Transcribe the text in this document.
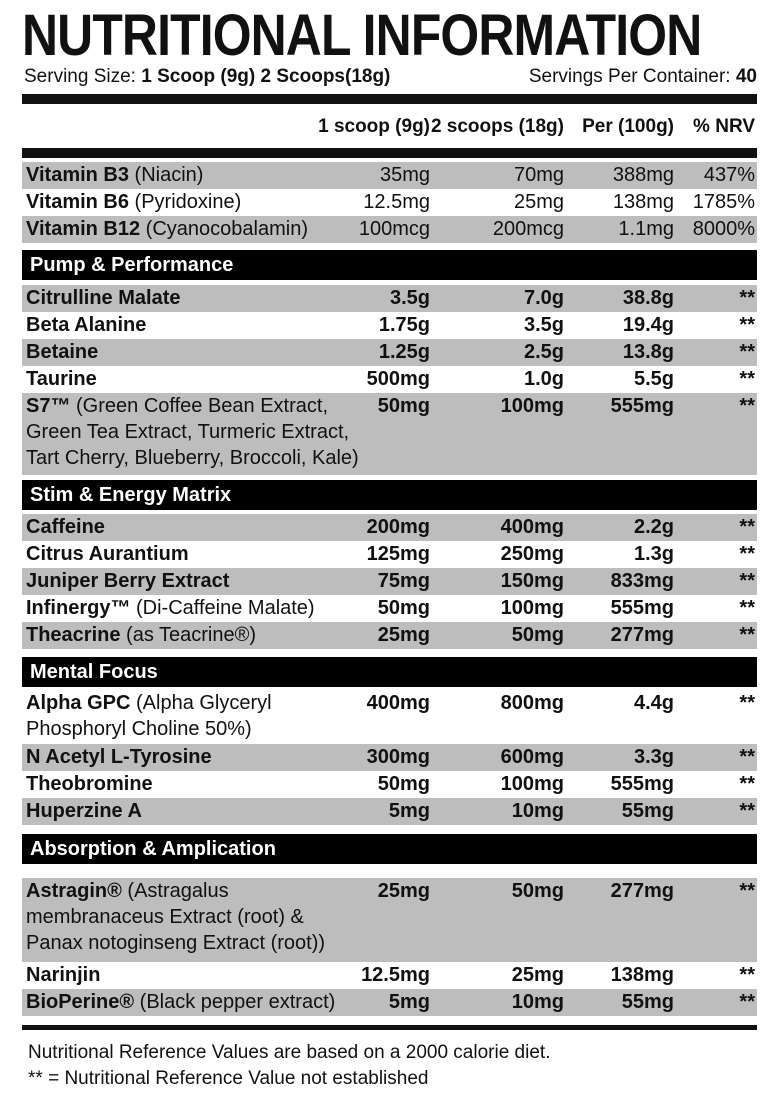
NUTRITIONAL INFORMATION
Serving Size: 1 Scoop (9g) 2 Scoops(18g)	Servings Per Container: 40
1 scoop (9g) 2 scoops (18g) Per (100g) % NRV
Vitamin B3 (Niacin)	35mg	70mg 388mg 437%
Vitamin B6 (Pyridoxine)	12.5mg	25mg 138mg 1785%
Vitamin B12 (Cyanocobalamin)	100mcg	200mcg	1.1mg 8000%
Pump & Performance
Citrulline Malate	3.5g	7.0g	38.8g	**
Beta Alanine	1.75g	3.5g	19.4g	**
Betaine	1.25g	2.5g	13.8g	**
Taurine	500mg	1.0g	5.5g	**
S7™ (Green Coffee Bean Extract,
Green Tea Extract, Turmeric Extract,
Tart Cherry, Blueberry, Broccoli, Kale)
50mg	100mg 555mg	**
Stim & Energy Matrix
Caffeine	200mg	400mg	2.2g	**
Citrus Aurantium	125mg	250mg	1.3g	**
Juniper Berry Extract	75mg	150mg 833mg	**
Infinergy™ (Di-Caffeine Malate)	50mg	100mg 555mg	**
Theacrine (as Teacrine®)	25mg	50mg 277mg	**
Mental Focus
Alpha GPC (Alpha Glyceryl
Phosphoryl Choline 50%)
400mg	800mg	4.4g	**
N Acetyl L-Tyrosine	300mg	600mg	3.3g	**
Theobromine	50mg	100mg 555mg	**
Huperzine A	5mg	10mg	55mg	**
Absorption & Amplication
Astragin® (Astragalus
membranaceus Extract (root) &
Panax notoginseng Extract (root))
25mg	50mg 277mg	**
Narinjin	12.5mg	25mg 138mg	**
BioPerine® (Black pepper extract)	5mg	10mg	55mg	**
Nutritional Reference Values are based on a 2000 calorie diet.
** = Nutritional Reference Value not established
